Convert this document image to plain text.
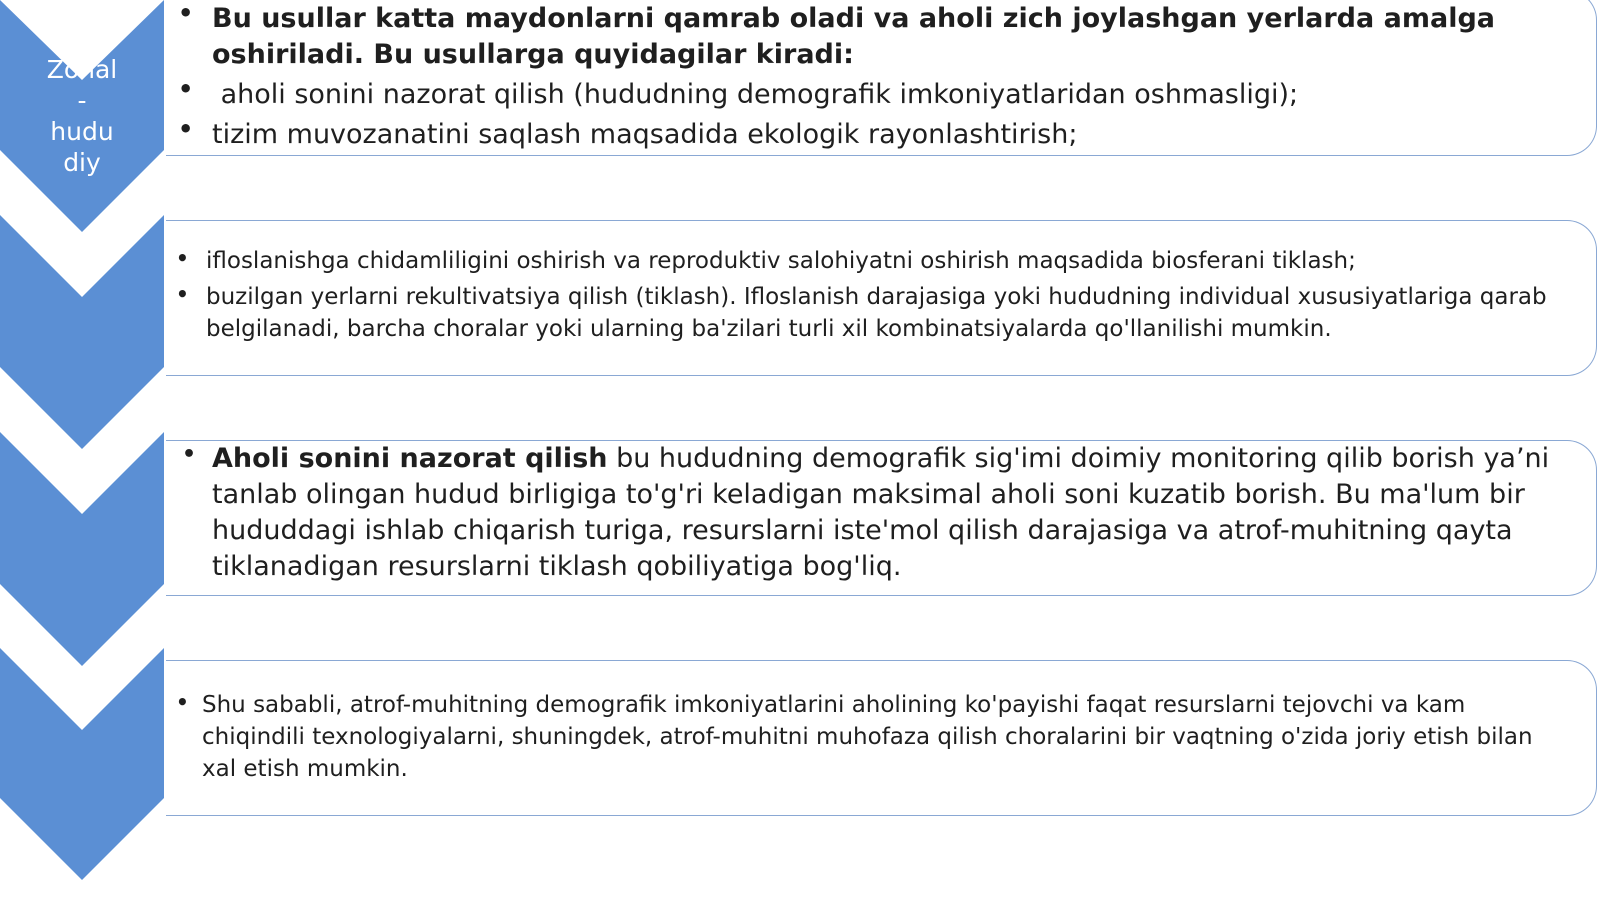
Zonal
-
hudu
diy
• Bu usullar katta maydonlarni qamrab oladi va aholi zich joylashgan yerlarda amalga oshiriladi. Bu usullarga quyidagilar kiradi:
•  aholi sonini nazorat qilish (hududning demografik imkoniyatlaridan oshmasligi);
• tizim muvozanatini saqlash maqsadida ekologik rayonlashtirish;
• ifloslanishga chidamliligini oshirish va reproduktiv salohiyatni oshirish maqsadida biosferani tiklash;
• buzilgan yerlarni rekultivatsiya qilish (tiklash). Ifloslanish darajasiga yoki hududning individual xususiyatlariga qarab belgilanadi, barcha choralar yoki ularning ba'zilari turli xil kombinatsiyalarda qo'llanilishi mumkin.
• Aholi sonini nazorat qilish bu hududning demografik sig'imi doimiy monitoring qilib borish ya’ni tanlab olingan hudud birligiga to'g'ri keladigan maksimal aholi soni kuzatib borish. Bu ma'lum bir hududdagi ishlab chiqarish turiga, resurslarni iste'mol qilish darajasiga va atrof-muhitning qayta tiklanadigan resurslarni tiklash qobiliyatiga bog'liq.
• Shu sababli, atrof-muhitning demografik imkoniyatlarini aholining ko'payishi faqat resurslarni tejovchi va kam chiqindili texnologiyalarni, shuningdek, atrof-muhitni muhofaza qilish choralarini bir vaqtning o'zida joriy etish bilan xal etish mumkin.
